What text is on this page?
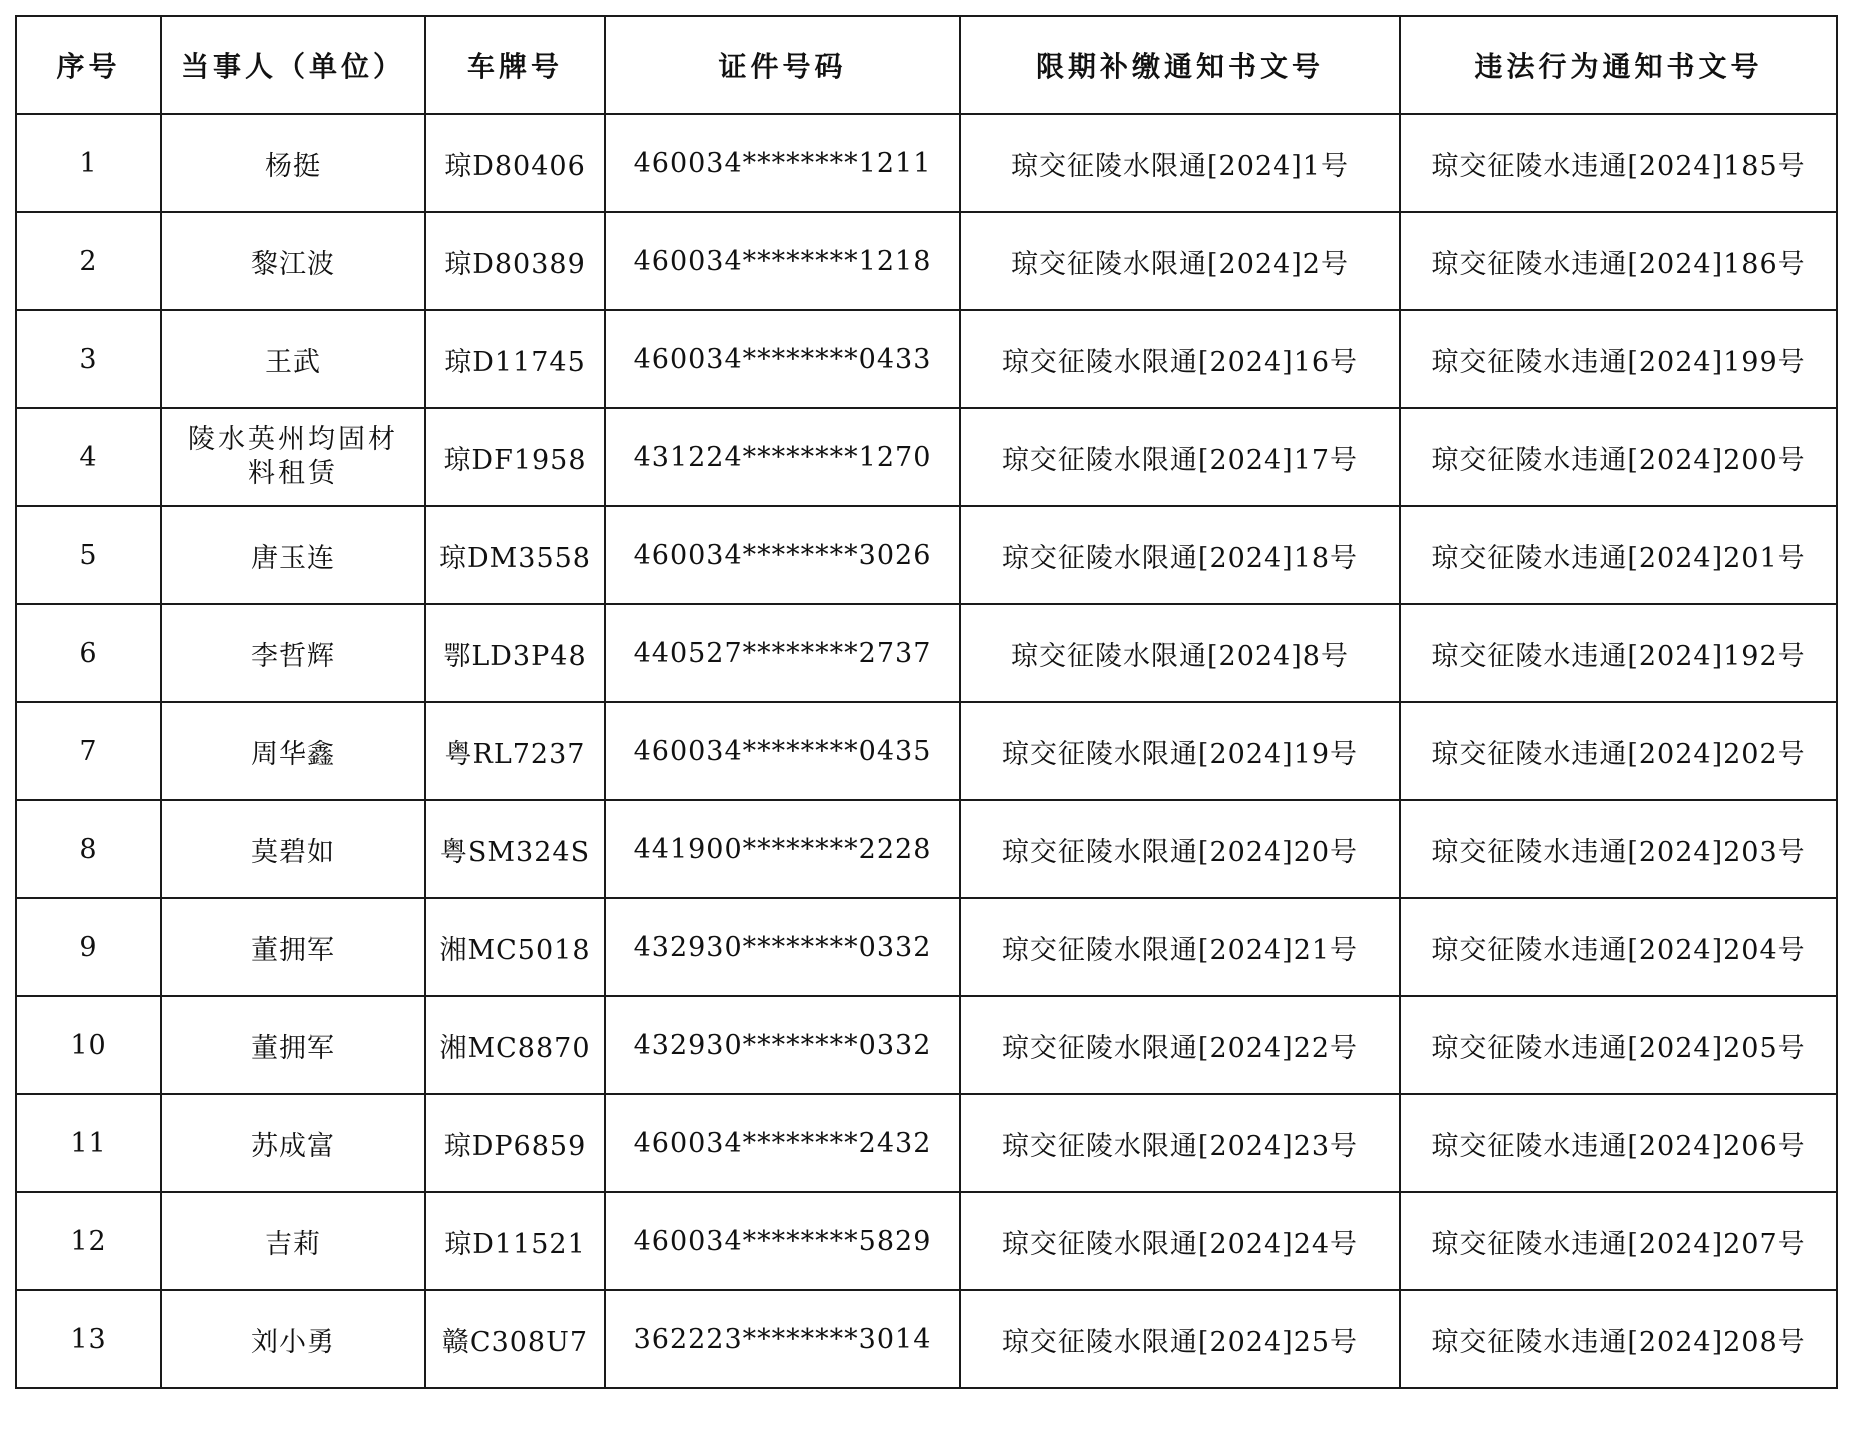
序号	当事人（单位）	车牌号	证件号码	限期补缴通知书文号	违法行为通知书文号
1	杨挺	琼D80406	460034********1211	琼交征陵水限通[2024]1号	琼交征陵水违通[2024]185号
2	黎江波	琼D80389	460034********1218	琼交征陵水限通[2024]2号	琼交征陵水违通[2024]186号
3	王武	琼D11745	460034********0433	琼交征陵水限通[2024]16号	琼交征陵水违通[2024]199号
4	陵水英州均固材料租赁	琼DF1958	431224********1270	琼交征陵水限通[2024]17号	琼交征陵水违通[2024]200号
5	唐玉连	琼DM3558	460034********3026	琼交征陵水限通[2024]18号	琼交征陵水违通[2024]201号
6	李哲辉	鄂LD3P48	440527********2737	琼交征陵水限通[2024]8号	琼交征陵水违通[2024]192号
7	周华鑫	粤RL7237	460034********0435	琼交征陵水限通[2024]19号	琼交征陵水违通[2024]202号
8	莫碧如	粤SM324S	441900********2228	琼交征陵水限通[2024]20号	琼交征陵水违通[2024]203号
9	董拥军	湘MC5018	432930********0332	琼交征陵水限通[2024]21号	琼交征陵水违通[2024]204号
10	董拥军	湘MC8870	432930********0332	琼交征陵水限通[2024]22号	琼交征陵水违通[2024]205号
11	苏成富	琼DP6859	460034********2432	琼交征陵水限通[2024]23号	琼交征陵水违通[2024]206号
12	吉莉	琼D11521	460034********5829	琼交征陵水限通[2024]24号	琼交征陵水违通[2024]207号
13	刘小勇	赣C308U7	362223********3014	琼交征陵水限通[2024]25号	琼交征陵水违通[2024]208号
